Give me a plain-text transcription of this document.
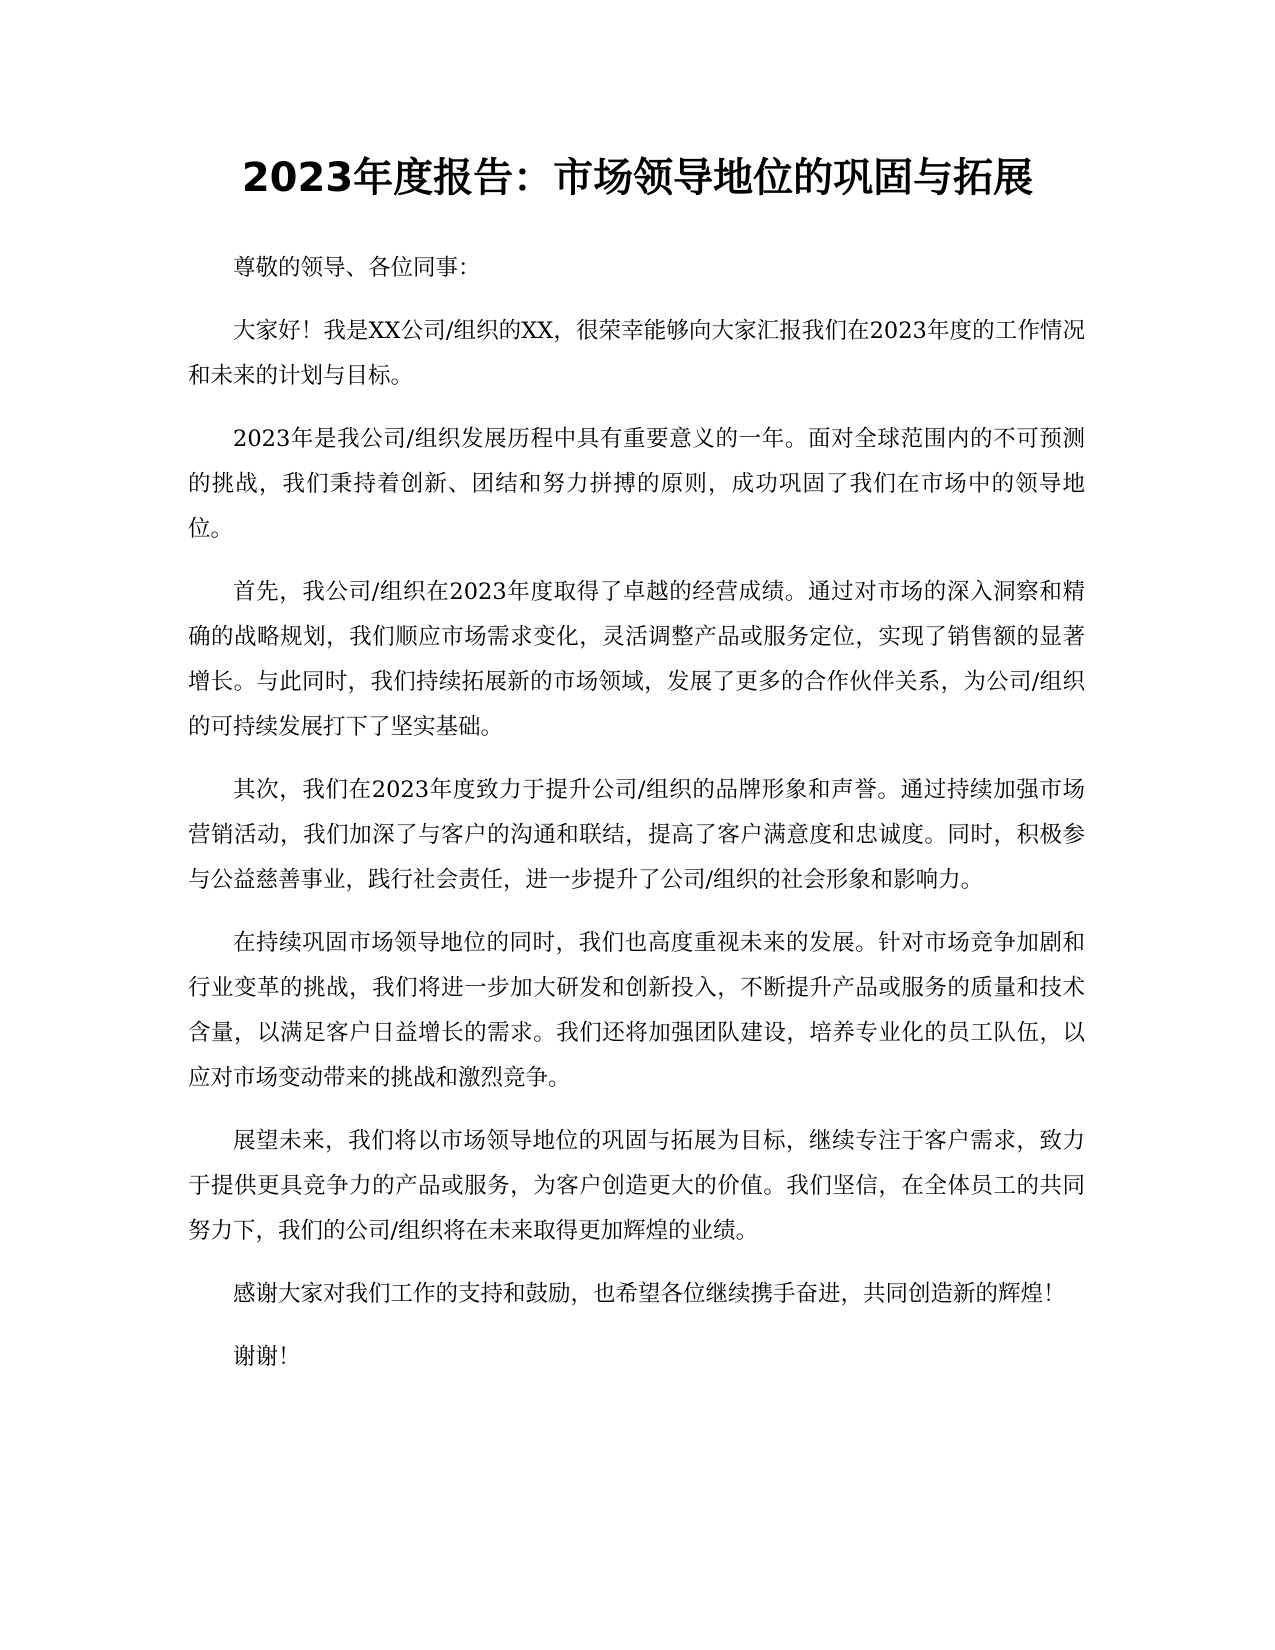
2023年度报告：市场领导地位的巩固与拓展

尊敬的领导、各位同事：

大家好！我是XX公司/组织的XX，很荣幸能够向大家汇报我们在2023年度的工作情况和未来的计划与目标。

2023年是我公司/组织发展历程中具有重要意义的一年。面对全球范围内的不可预测的挑战，我们秉持着创新、团结和努力拼搏的原则，成功巩固了我们在市场中的领导地位。

首先，我公司/组织在2023年度取得了卓越的经营成绩。通过对市场的深入洞察和精确的战略规划，我们顺应市场需求变化，灵活调整产品或服务定位，实现了销售额的显著增长。与此同时，我们持续拓展新的市场领域，发展了更多的合作伙伴关系，为公司/组织的可持续发展打下了坚实基础。

其次，我们在2023年度致力于提升公司/组织的品牌形象和声誉。通过持续加强市场营销活动，我们加深了与客户的沟通和联结，提高了客户满意度和忠诚度。同时，积极参与公益慈善事业，践行社会责任，进一步提升了公司/组织的社会形象和影响力。

在持续巩固市场领导地位的同时，我们也高度重视未来的发展。针对市场竞争加剧和行业变革的挑战，我们将进一步加大研发和创新投入，不断提升产品或服务的质量和技术含量，以满足客户日益增长的需求。我们还将加强团队建设，培养专业化的员工队伍，以应对市场变动带来的挑战和激烈竞争。

展望未来，我们将以市场领导地位的巩固与拓展为目标，继续专注于客户需求，致力于提供更具竞争力的产品或服务，为客户创造更大的价值。我们坚信，在全体员工的共同努力下，我们的公司/组织将在未来取得更加辉煌的业绩。

感谢大家对我们工作的支持和鼓励，也希望各位继续携手奋进，共同创造新的辉煌！

谢谢！
